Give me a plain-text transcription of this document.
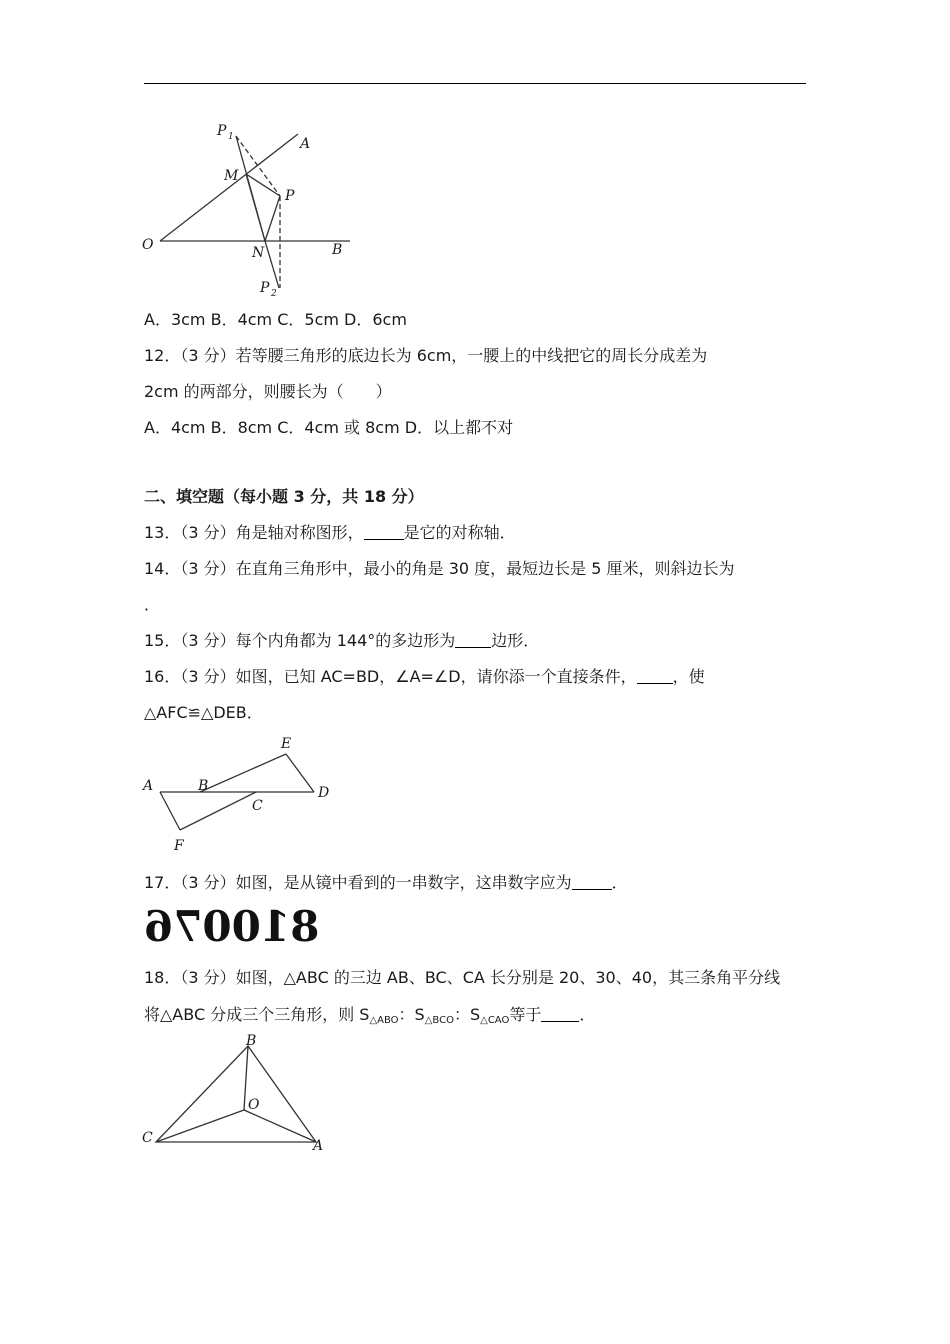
P 1	A
M
P
O	N	B
P 2
A．3cm B．4cm C．5cm D．6cm
12．（3 分）若等腰三角形的底边长为 6cm，一腰上的中线把它的周长分成差为
2cm 的两部分，则腰长为（　　）
A．4cm B．8cm C．4cm 或 8cm D．以上都不对
二、填空题（每小题 3 分，共 18 分）
13．（3 分）角是轴对称图形，	是它的对称轴．
14．（3 分）在直角三角形中，最小的角是 30 度，最短边长是 5 厘米，则斜边长为
．
15．（3 分）每个内角都为 144°的多边形为 边形．
16．（3 分）如图，已知 AC=BD，∠A=∠D，请你添一个直接条件， ，使
△AFC≌△DEB．
A	B
C
D
E
F
17．（3 分）如图，是从镜中看到的一串数字，这串数字应为	．
810076
18．（3 分）如图，△ABC 的三边 AB、BC、CA 长分别是 20、30、40，其三条角平分线
将△ABC 分成三个三角形，则 $S_{\triangle ABO}$：$S_{\triangle BCO}$：$S_{\triangle CAO}$等于 ．
B
O
C	A
